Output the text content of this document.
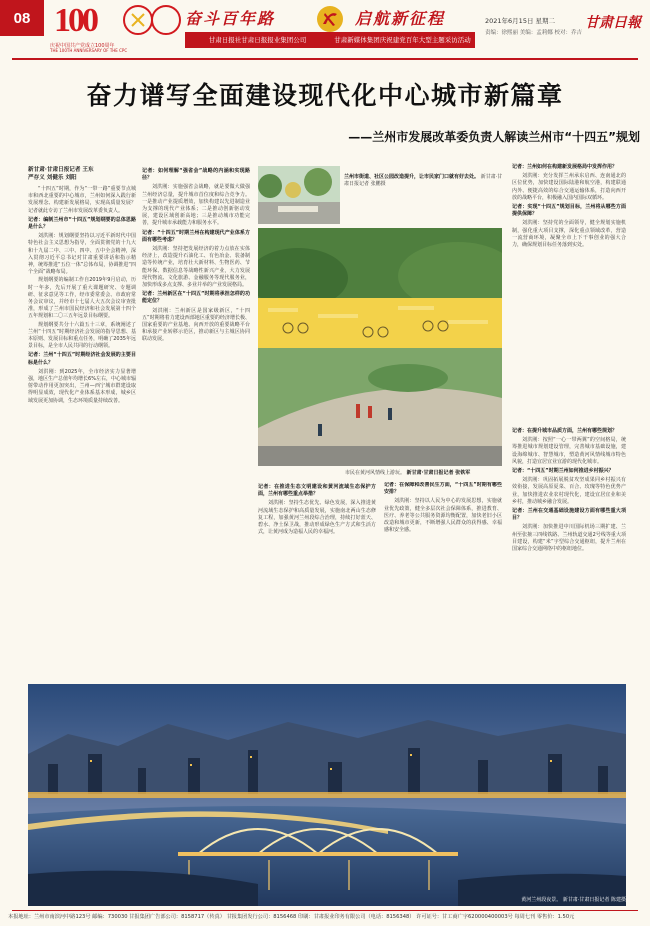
08 100
庆祝中国共产党成立100周年
THE 100TH ANNIVERSARY OF THE CPC
奋斗百年路	启航新征程
甘肃日报社甘肃日报报业集团公司	甘肃新媒体集团庆祝建党百年大型主题采访活动
2021年6月15日 星期二
责编：徐熙丽 美编：孟莉娜 校对：乔吉
甘肃日報
奋力谱写全面建设现代化中心城市新篇章
——兰州市发展改革委负责人解读兰州市“十四五”规划
新甘肃·甘肃日报记者 王东
严存义 刘健乐 刘阳

“十四五”时期，作为“一带一路”重要节点城市和西北重要的中心城市，兰州如何深入践行新发展理念、构建新发展格局，实现高质量发展？记者就此专访了兰州市发展改革委负责人。

记者：编制兰州市“十四五”规划纲要的总体思路是什么？

刘洪刚：规划纲要坚持以习近平新时代中国特色社会主义思想为指导，全面贯彻党的十九大和十九届二中、三中、四中、五中全会精神，深入贯彻习近平总书记对甘肃重要讲话和指示精神，统筹推进“五位一体”总体布局，协调推进“四个全面”战略布局。

规划纲要的编制工作自2019年9月启动，历时一年多，先后开展了重大课题研究、专题调研、征求意见等工作，经市委常委会、市政府常务会议审议，并经市十七届人大五次会议审查批准，形成了兰州市国民经济和社会发展第十四个五年规划和二〇三五年远景目标纲要。

规划纲要共分十六篇五十三章，系统阐述了兰州“十四五”时期经济社会发展的指导思想、基本原则、发展目标和重点任务，明确了2035年远景目标，是全市人民共同的行动纲领。

记者：兰州“十四五”时期经济社会发展的主要目标是什么？

刘洪刚：到2025年，全市经济实力显著增强，地区生产总值年均增长6%左右，中心城市辐射带动作用更加突出，兰州—西宁城市群建设取得明显成效，现代化产业体系基本形成，城乡区域发展更加协调，生态环境质量持续改善。

记者：如何理解“强省会”战略的内涵和实现路径？

刘洪刚：实施强省会战略，就是要做大做强兰州经济总量，提升城市首位度和综合竞争力。一是推动产业提质增效，加快构建以先进制造业为支撑的现代产业体系；二是推动创新驱动发展，建设区域创新高地；三是推动城市功能完善，提升城市承载能力和服务水平。

记者：“十四五”时期兰州在构建现代产业体系方面有哪些考虑？

刘洪刚：坚持把发展经济的着力点放在实体经济上，改造提升石油化工、有色冶金、装备制造等传统产业，培育壮大新材料、生物医药、节能环保、数据信息等战略性新兴产业，大力发展现代物流、文化旅游、金融服务等现代服务业，加快形成多点支撑、多业并举的产业发展格局。

记者：兰州新区在“十四五”时期将承担怎样的功能定位？

刘洪刚：兰州新区是国家级新区，“十四五”时期将着力建设西部地区重要的经济增长极、国家重要的产业基地、向西开放的重要战略平台和承接产业转移示范区，推动新区与主城区协同联动发展。

兰州市街道、社区公园改造提升，让市民家门口就有好去处。 新甘肃·甘肃日报记者 张鹏摄
市民在黄河风情线上游玩。 新甘肃·甘肃日报记者 张铁军

记者：在推进生态文明建设和黄河流域生态保护方面，兰州有哪些重点举措？

刘洪刚：坚持生态优先、绿色发展，深入推进黄河流域生态保护和高质量发展，实施南北两山生态修复工程，加强黄河兰州段综合治理，持续打好蓝天、碧水、净土保卫战，推动形成绿色生产方式和生活方式，让黄河成为造福人民的幸福河。

记者：在保障和改善民生方面，“十四五”时期有哪些安排？

刘洪刚：坚持以人民为中心的发展思想，实施就业优先政策，健全多层次社会保障体系，推进教育、医疗、养老等公共服务资源均衡配置，加快老旧小区改造和城市更新，不断增强人民群众的获得感、幸福感和安全感。

记者：兰州如何在构建新发展格局中发挥作用？

刘洪刚：充分发挥兰州承东启西、连南通北的区位优势，加快建设国际陆港和航空港，构建联通内外、便捷高效的综合交通运输体系，打造向西开放的战略平台，积极融入国内国际双循环。

记者：实现“十四五”规划目标，兰州将从哪些方面提供保障？

刘洪刚：坚持党的全面领导，健全规划实施机制，强化重大项目支撑，深化重点领域改革，营造一流营商环境，凝聚全市上下干事创业的强大合力，确保规划目标任务落到实处。

记者：在提升城市品质方面，兰州有哪些规划？

刘洪刚：按照“一心一带两翼”的空间格局，统筹推进城市规划建设管理，完善城市基础设施，建设海绵城市、智慧城市，塑造黄河风情线城市特色风貌，打造宜居宜业宜游的现代化城市。

记者：“十四五”时期兰州如何推进乡村振兴？

刘洪刚：巩固拓展脱贫攻坚成果同乡村振兴有效衔接，发展高原夏菜、百合、玫瑰等特色优势产业，加快推进农业农村现代化，建设宜居宜业和美乡村，推动城乡融合发展。

记者：兰州在交通基础设施建设方面有哪些重大项目？

刘洪刚：加快推进中川国际机场三期扩建、兰州至张掖三四线铁路、兰州轨道交通2号线等重大项目建设，构建“米”字型综合交通枢纽，提升兰州在国家综合交通网络中的枢纽地位。

黄河兰州段夜景。 新甘肃·甘肃日报记者 陈建摄
本报地址：兰州市南滨河中路123号 邮编：730030 甘报集团广告部公司：8158717（传真） 甘报集团发行公司：8156468 印刷：甘肃报业印务有限公司（电话：8156348） 许可证号：甘工商广字620000400003号 每周七刊 零售价：1.50元
